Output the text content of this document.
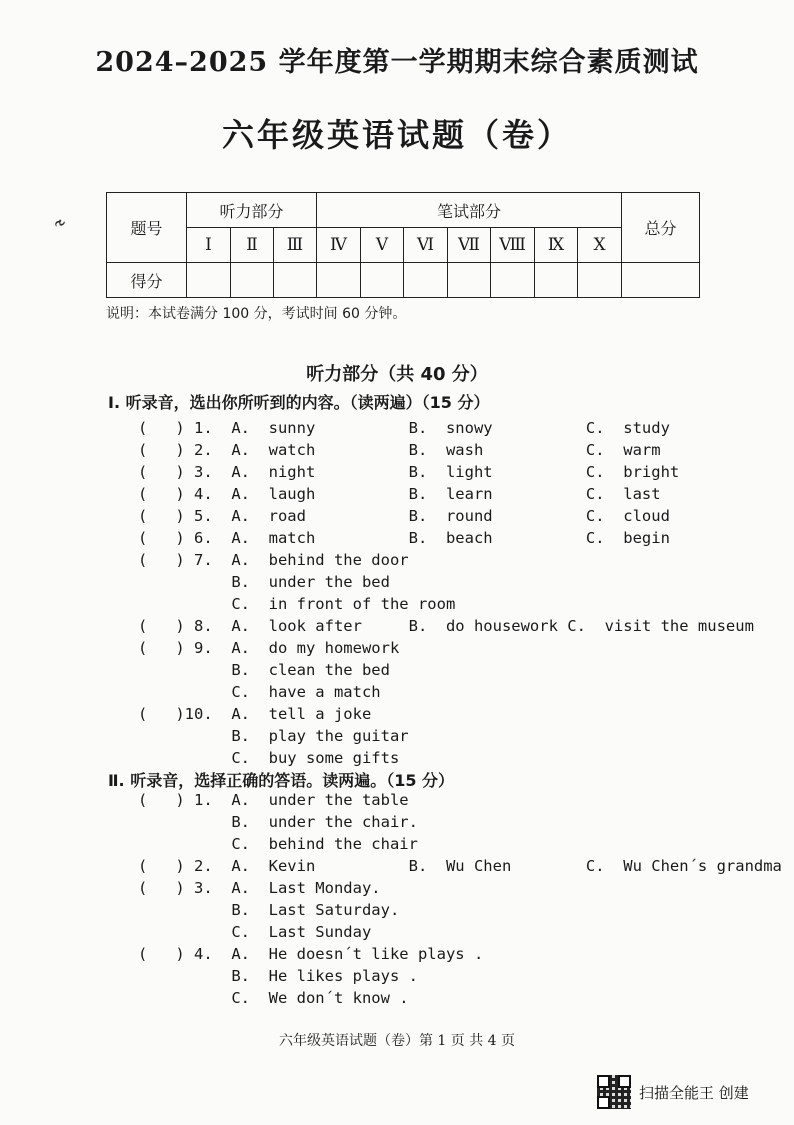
2024–2025 学年度第一学期期末综合素质测试
六年级英语试题（卷）
ર	题号	听力部分			笔试部分							总分
	Ⅰ	Ⅱ	Ⅲ	Ⅳ	Ⅴ	Ⅵ	Ⅶ	Ⅷ	Ⅸ	Ⅹ	
得分											
说明：本试卷满分 100 分，考试时间 60 分钟。
听力部分（共 40 分）
Ⅰ. 听录音，选出你所听到的内容。（读两遍）（15 分）
(   ) 1.  A.  sunny          B.  snowy          C.  study
(   ) 2.  A.  watch          B.  wash           C.  warm
(   ) 3.  A.  night          B.  light          C.  bright
(   ) 4.  A.  laugh          B.  learn          C.  last
(   ) 5.  A.  road           B.  round          C.  cloud
(   ) 6.  A.  match          B.  beach          C.  begin
(   ) 7.  A.  behind the door
B.  under the bed
C.  in front of the room
(   ) 8.  A.  look after     B.  do housework C.  visit the museum
(   ) 9.  A.  do my homework
B.  clean the bed
C.  have a match
(   )10.  A.  tell a joke
B.  play the guitar
C.  buy some gifts
Ⅱ. 听录音，选择正确的答语。读两遍。（15 分）
(   ) 1.  A.  under the table
B.  under the chair.
C.  behind the chair
(   ) 2.  A.  Kevin          B.  Wu Chen        C.  Wu Chen´s grandma
(   ) 3.  A.  Last Monday.
B.  Last Saturday.
C.  Last Sunday
(   ) 4.  A.  He doesn´t like plays .
B.  He likes plays .
C.  We don´t know .
六年级英语试题（卷）第 1 页 共 4 页
扫描全能王 创建
